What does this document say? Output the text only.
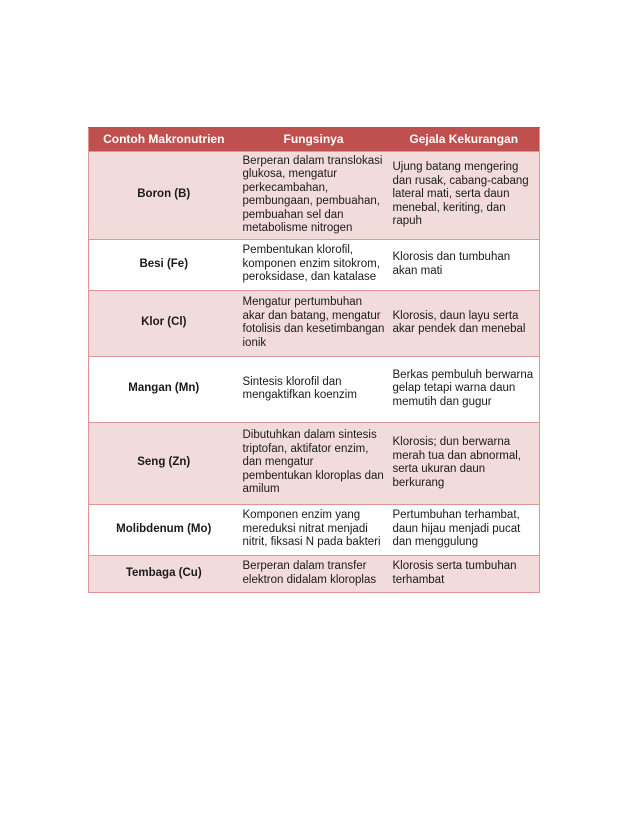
Contoh Makronutrien	Fungsinya	Gejala Kekurangan
Boron (B)	Berperan dalam translokasi glukosa, mengatur perkecambahan, pembungaan, pembuahan, pembuahan sel dan metabolisme nitrogen	Ujung batang mengering dan rusak, cabang-cabang lateral mati, serta daun menebal, keriting, dan rapuh
Besi (Fe)	Pembentukan klorofil, komponen enzim sitokrom, peroksidase, dan katalase	Klorosis dan tumbuhan akan mati
Klor (Cl)	Mengatur pertumbuhan akar dan batang, mengatur fotolisis dan kesetimbangan ionik	Klorosis, daun layu serta akar pendek dan menebal
Mangan (Mn)	Sintesis klorofil dan mengaktifkan koenzim	Berkas pembuluh berwarna gelap tetapi warna daun memutih dan gugur
Seng (Zn)	Dibutuhkan dalam sintesis triptofan, aktifator enzim, dan mengatur pembentukan kloroplas dan amilum	Klorosis; dun berwarna merah tua dan abnormal, serta ukuran daun berkurang
Molibdenum (Mo)	Komponen enzim yang mereduksi nitrat menjadi nitrit, fiksasi N pada bakteri	Pertumbuhan terhambat, daun hijau menjadi pucat dan menggulung
Tembaga (Cu)	Berperan dalam transfer elektron didalam kloroplas	Klorosis serta tumbuhan terhambat
